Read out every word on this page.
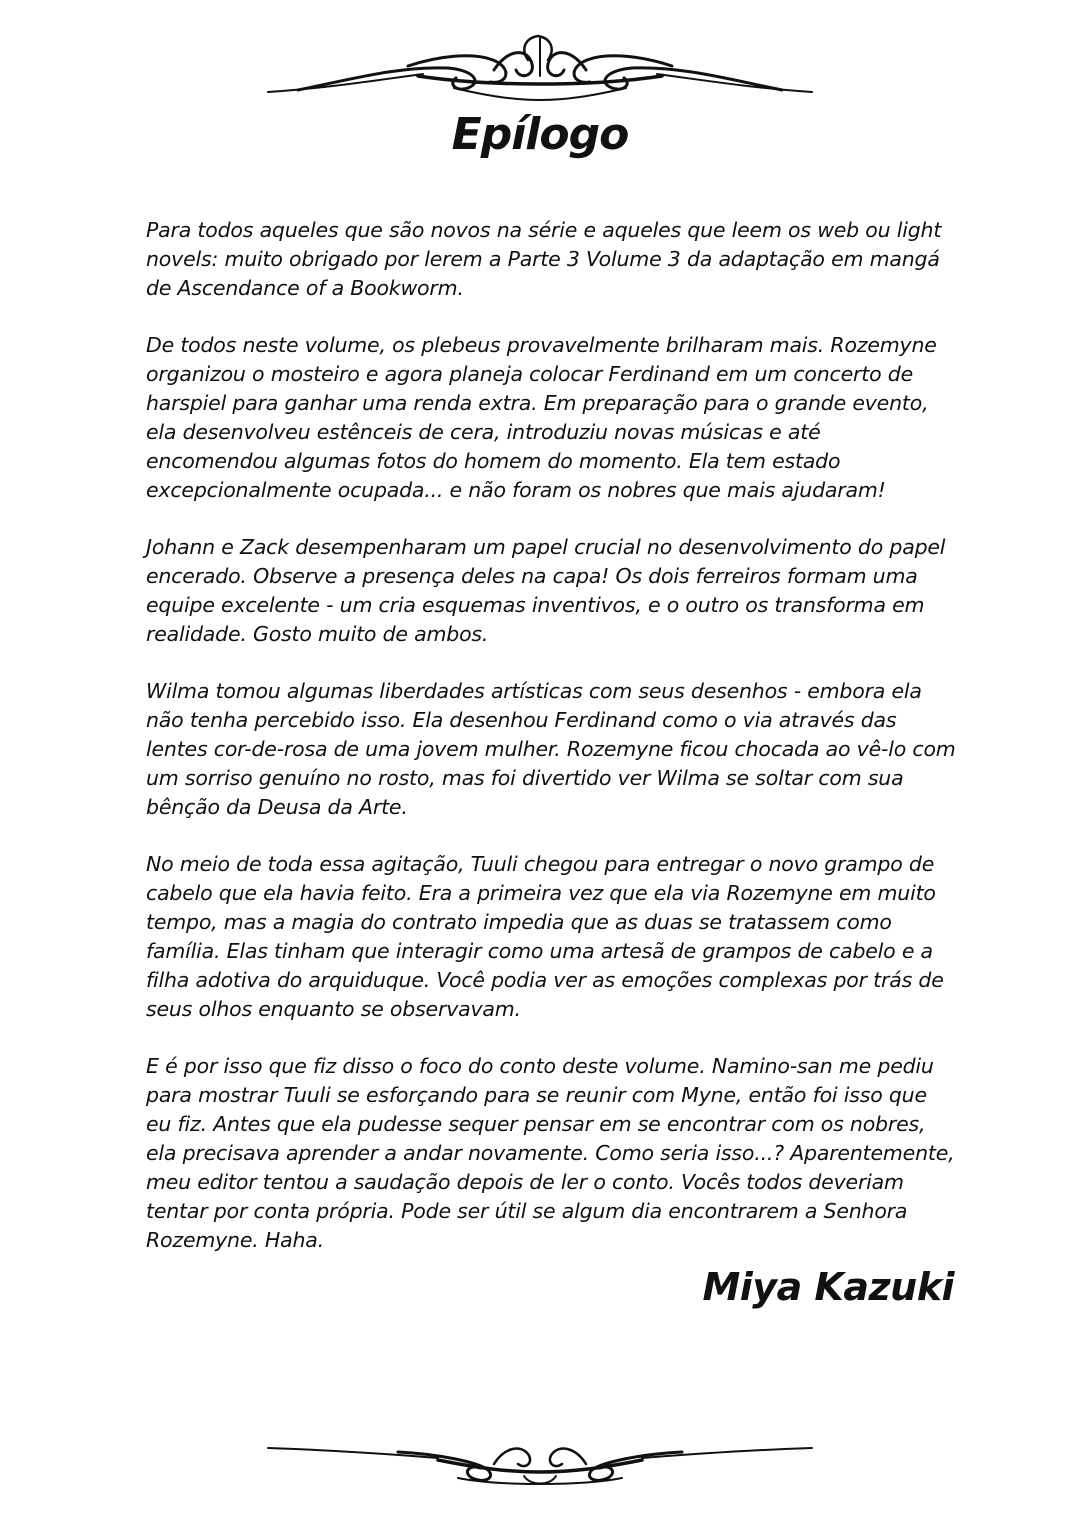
Epílogo

Para todos aqueles que são novos na série e aqueles que leem os web ou light novels: muito obrigado por lerem a Parte 3 Volume 3 da adaptação em mangá de Ascendance of a Bookworm.

De todos neste volume, os plebeus provavelmente brilharam mais. Rozemyne organizou o mosteiro e agora planeja colocar Ferdinand em um concerto de harspiel para ganhar uma renda extra. Em preparação para o grande evento, ela desenvolveu estênceis de cera, introduziu novas músicas e até encomendou algumas fotos do homem do momento. Ela tem estado excepcionalmente ocupada... e não foram os nobres que mais ajudaram!

Johann e Zack desempenharam um papel crucial no desenvolvimento do papel encerado. Observe a presença deles na capa! Os dois ferreiros formam uma equipe excelente - um cria esquemas inventivos, e o outro os transforma em realidade. Gosto muito de ambos.

Wilma tomou algumas liberdades artísticas com seus desenhos - embora ela não tenha percebido isso. Ela desenhou Ferdinand como o via através das lentes cor-de-rosa de uma jovem mulher. Rozemyne ficou chocada ao vê-lo com um sorriso genuíno no rosto, mas foi divertido ver Wilma se soltar com sua bênção da Deusa da Arte.

No meio de toda essa agitação, Tuuli chegou para entregar o novo grampo de cabelo que ela havia feito. Era a primeira vez que ela via Rozemyne em muito tempo, mas a magia do contrato impedia que as duas se tratassem como família. Elas tinham que interagir como uma artesã de grampos de cabelo e a filha adotiva do arquiduque. Você podia ver as emoções complexas por trás de seus olhos enquanto se observavam.

E é por isso que fiz disso o foco do conto deste volume. Namino-san me pediu para mostrar Tuuli se esforçando para se reunir com Myne, então foi isso que eu fiz. Antes que ela pudesse sequer pensar em se encontrar com os nobres, ela precisava aprender a andar novamente. Como seria isso...? Aparentemente, meu editor tentou a saudação depois de ler o conto. Vocês todos deveriam tentar por conta própria. Pode ser útil se algum dia encontrarem a Senhora Rozemyne. Haha.

Miya Kazuki
